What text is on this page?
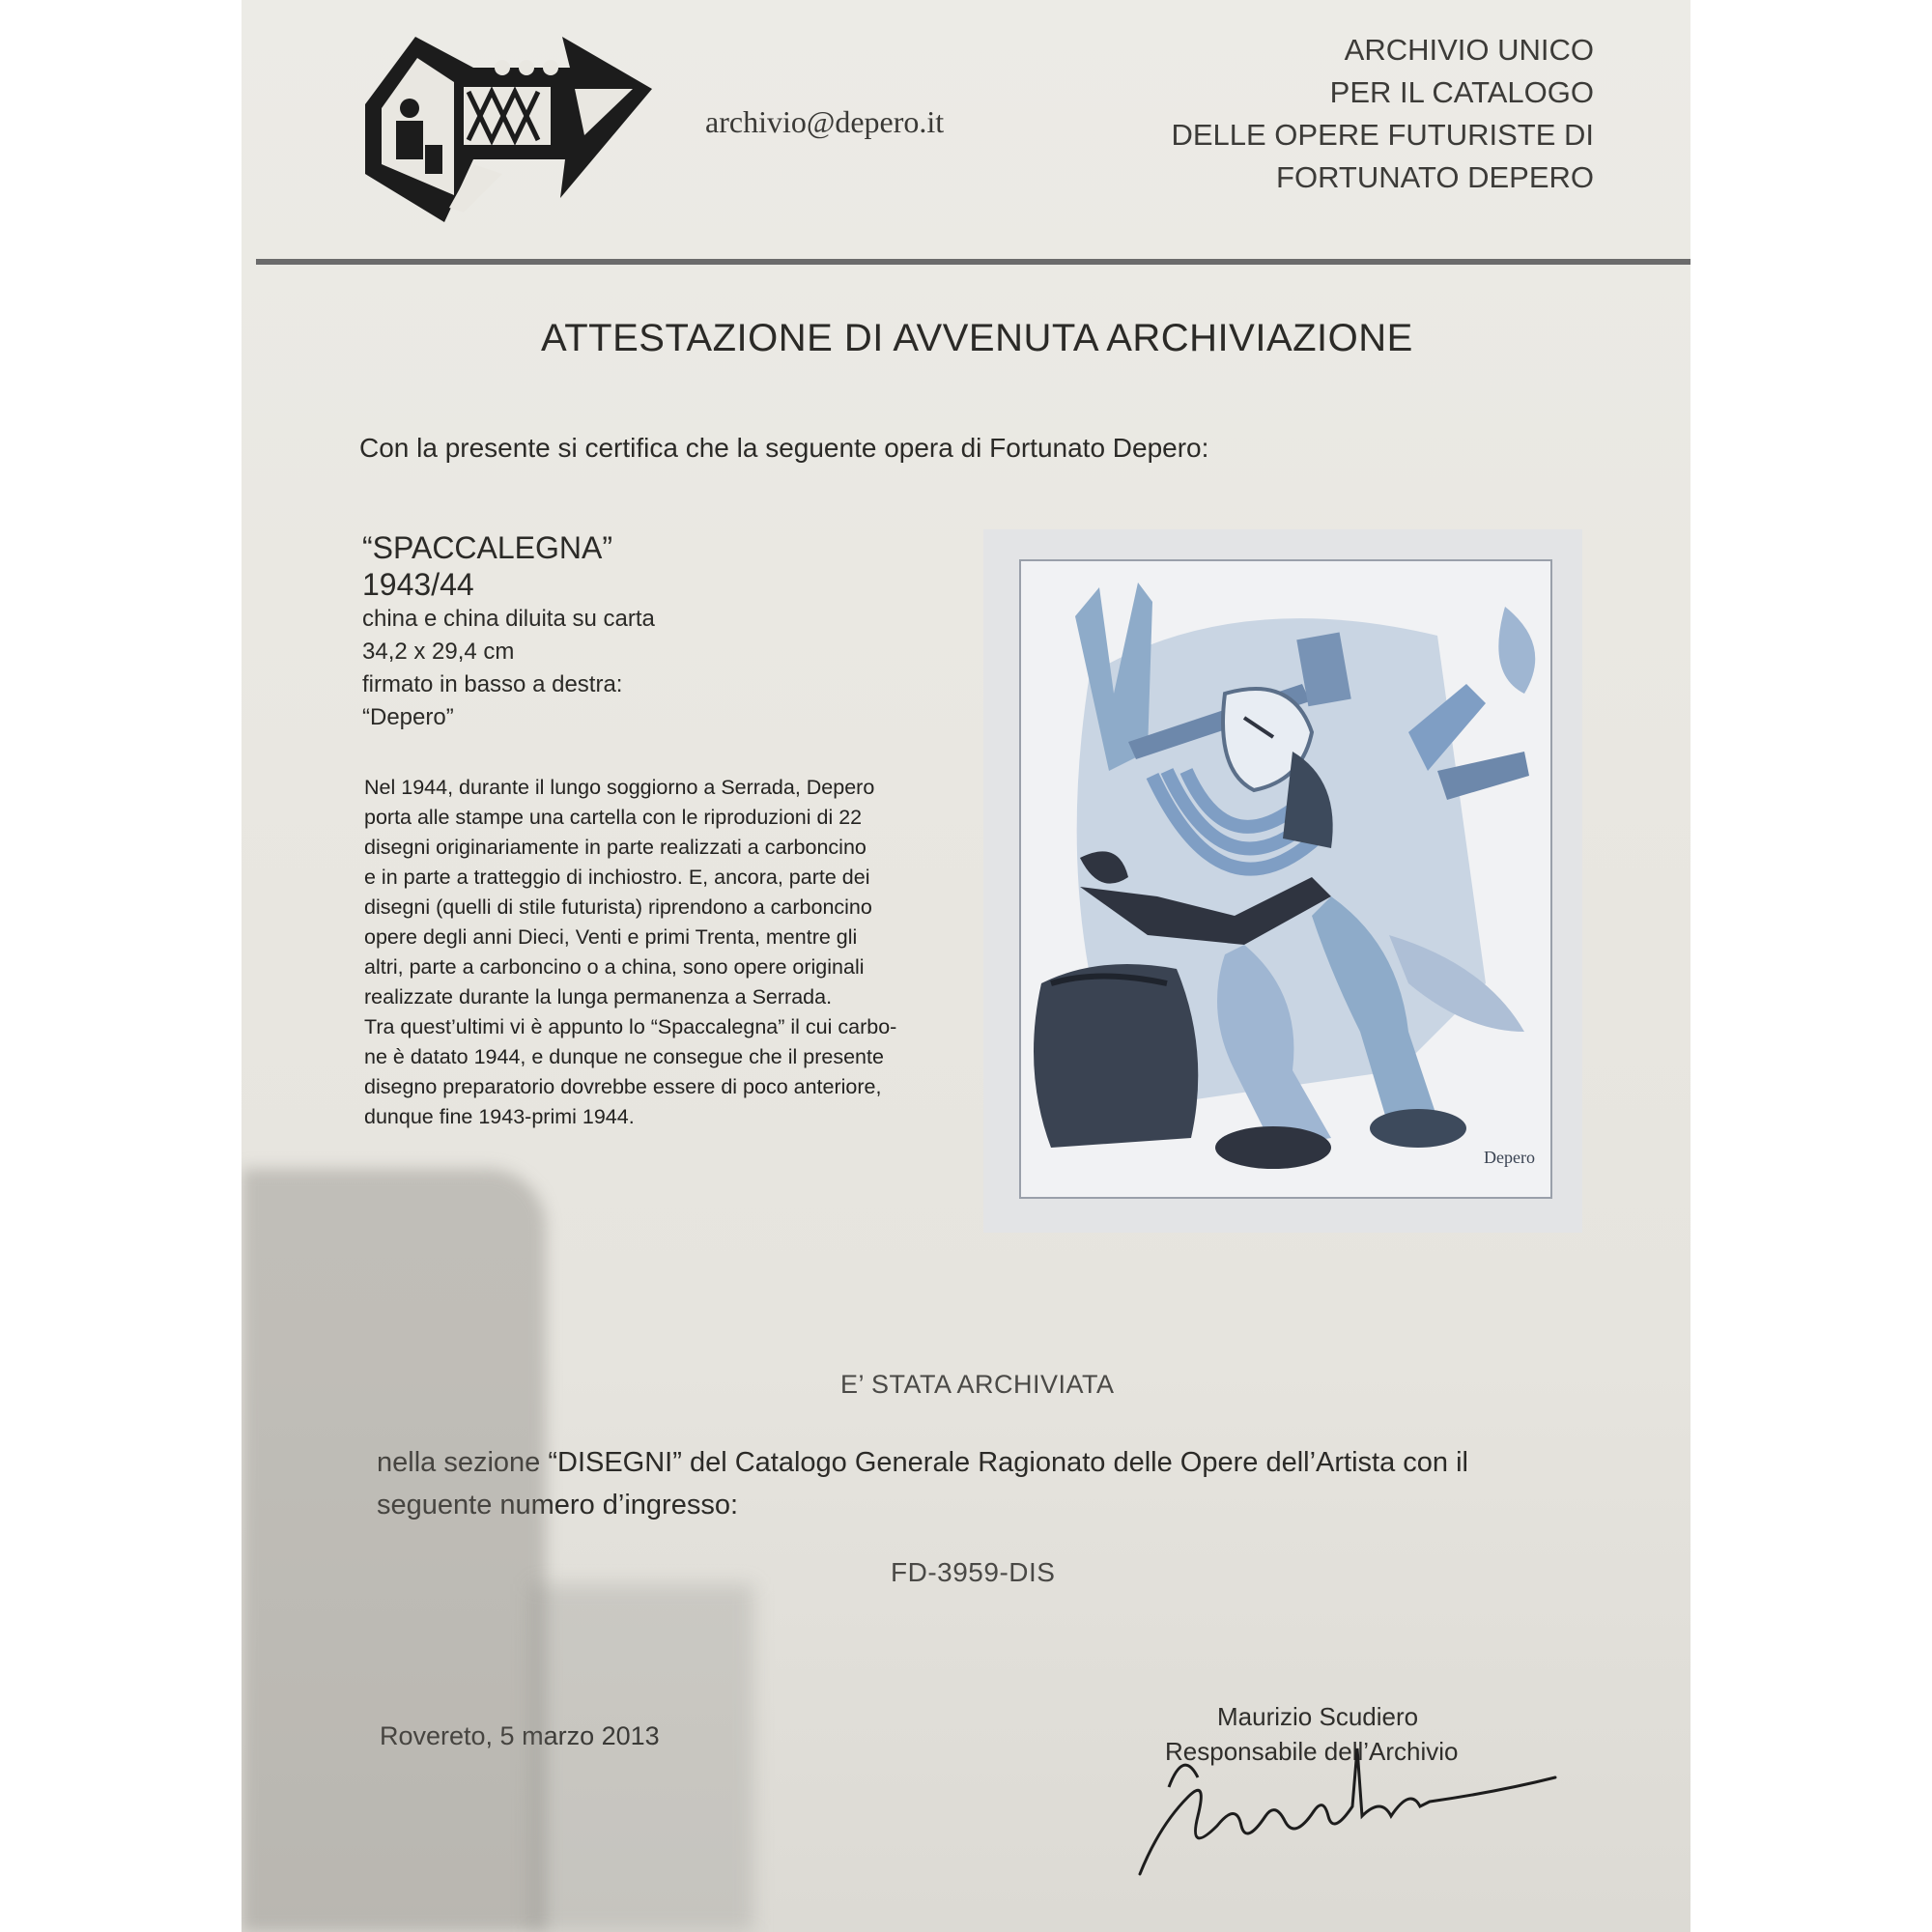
archivio@depero.it
ARCHIVIO UNICO
PER IL CATALOGO
DELLE OPERE FUTURISTE DI
FORTUNATO DEPERO
ATTESTAZIONE DI AVVENUTA ARCHIVIAZIONE
Con la presente si certifica che la seguente opera di Fortunato Depero:
“SPACCALEGNA”
1943/44
china e china diluita su carta
34,2 x 29,4 cm
firmato in basso a destra:
“Depero”

Nel 1944, durante il lungo soggiorno a Serrada, Depero

porta alle stampe una cartella con le riproduzioni di 22

disegni originariamente in parte realizzati a carboncino

e in parte a tratteggio di inchiostro. E, ancora, parte dei

disegni (quelli di stile futurista) riprendono a carboncino

opere degli anni Dieci, Venti e primi Trenta, mentre gli

altri, parte a carboncino o a china, sono opere originali

realizzate durante la lunga permanenza a Serrada.

Tra quest’ultimi vi è appunto lo “Spaccalegna” il cui carbo-

ne è datato 1944, e dunque ne consegue che il presente

disegno preparatorio dovrebbe essere di poco anteriore,

dunque fine 1943-primi 1944.

Depero
E’ STATA ARCHIVIATA
nella sezione “DISEGNI” del Catalogo Generale Ragionato delle Opere dell’Artista con il
seguente numero d’ingresso:
FD-3959-DIS
Rovereto, 5 marzo 2013
Maurizio Scudiero
Responsabile dell’Archivio
